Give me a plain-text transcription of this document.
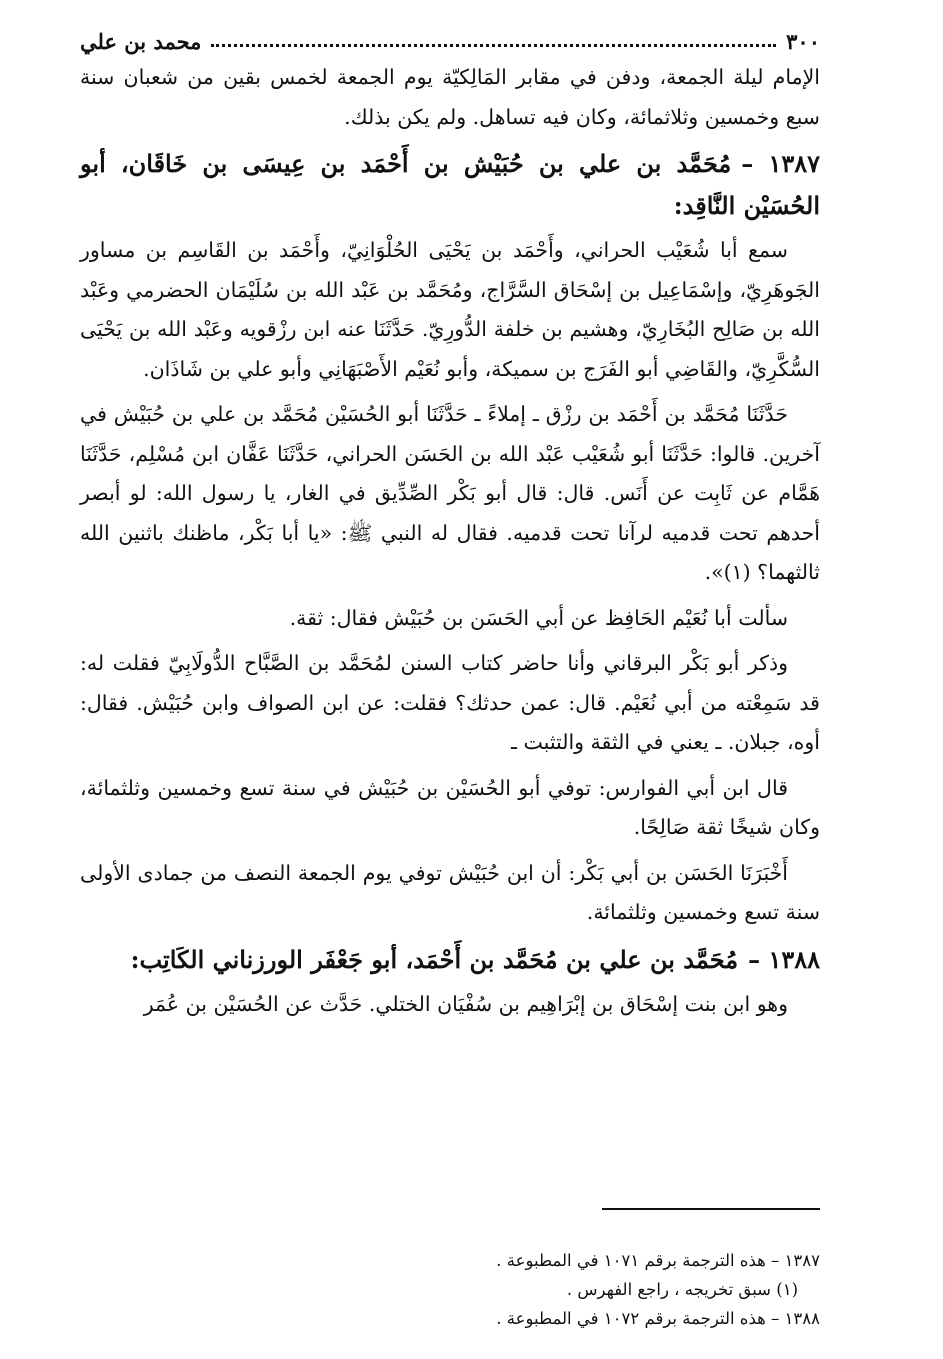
٣٠٠
محمد بن علي

الإمام ليلة الجمعة، ودفن في مقابر المَالِكيّة يوم الجمعة لخمس بقين من شعبان سنة سبع وخمسين وثلاثمائة، وكان فيه تساهل. ولم يكن بذلك.

١٣٨٧ –مُحَمَّد بن علي بن حُبَيْش بن أَحْمَد بن عِيسَى بن خَاقَان، أبو الحُسَيْن النَّاقِد:

سمع أبا شُعَيْب الحراني، وأَحْمَد بن يَحْيَى الحُلْوَانِيّ، وأَحْمَد بن القَاسِم بن مساور الجَوهَرِيّ، وإسْمَاعِيل بن إسْحَاق السَّرَّاج، ومُحَمَّد بن عَبْد الله بن سُلَيْمَان الحضرمي وعَبْد الله بن صَالِح البُخَارِيّ، وهشيم بن خلفة الدُّورِيّ. حَدَّثَنَا عنه ابن رزْقويه وعَبْد الله بن يَحْيَى السُّكَّرِيّ، والقَاضِي أبو الفَرَج بن سميكة، وأبو نُعَيْم الأَصْبَهَانِي وأبو علي بن شَاذَان.

حَدَّثَنَا مُحَمَّد بن أَحْمَد بن رزْق ـ إملاءً ـ حَدَّثَنَا أبو الحُسَيْن مُحَمَّد بن علي بن حُبَيْش في آخرين. قالوا: حَدَّثَنَا أبو شُعَيْب عَبْد الله بن الحَسَن الحراني، حَدَّثَنَا عَفَّان ابن مُسْلِم، حَدَّثَنَا هَمَّام عن ثَابِت عن أَنَس. قال: قال أبو بَكْر الصِّدِّيق في الغار، يا رسول الله: لو أبصر أحدهم تحت قدميه لرآنا تحت قدميه. فقال له النبي ﷺ: «يا أبا بَكْر، ماظنك باثنين الله ثالثهما؟ (١)».

سألت أبا نُعَيْم الحَافِظ عن أبي الحَسَن بن حُبَيْش فقال: ثقة.

وذكر أبو بَكْر البرقاني وأنا حاضر كتاب السنن لمُحَمَّد بن الصَّبَّاح الدُّولَابِيّ فقلت له: قد سَمِعْته من أبي نُعَيْم. قال: عمن حدثك؟ فقلت: عن ابن الصواف وابن حُبَيْش. فقال: أوه، جبلان. ـ يعني في الثقة والتثبت ـ

قال ابن أبي الفوارس: توفي أبو الحُسَيْن بن حُبَيْش في سنة تسع وخمسين وثلثمائة، وكان شيخًا ثقة صَالِحًا.

أَخْبَرَنَا الحَسَن بن أبي بَكْر: أن ابن حُبَيْش توفي يوم الجمعة النصف من جمادى الأولى سنة تسع وخمسين وثلثمائة.

١٣٨٨ –مُحَمَّد بن علي بن مُحَمَّد بن أَحْمَد، أبو جَعْفَر الورزناني الكَاتِب:

وهو ابن بنت إسْحَاق بن إبْرَاهِيم بن سُفْيَان الختلي. حَدَّث عن الحُسَيْن بن عُمَر

١٣٨٧ – هذه الترجمة برقم ١٠٧١ في المطبوعة .

(١) سبق تخريجه ، راجع الفهرس .

١٣٨٨ – هذه الترجمة برقم ١٠٧٢ في المطبوعة .
